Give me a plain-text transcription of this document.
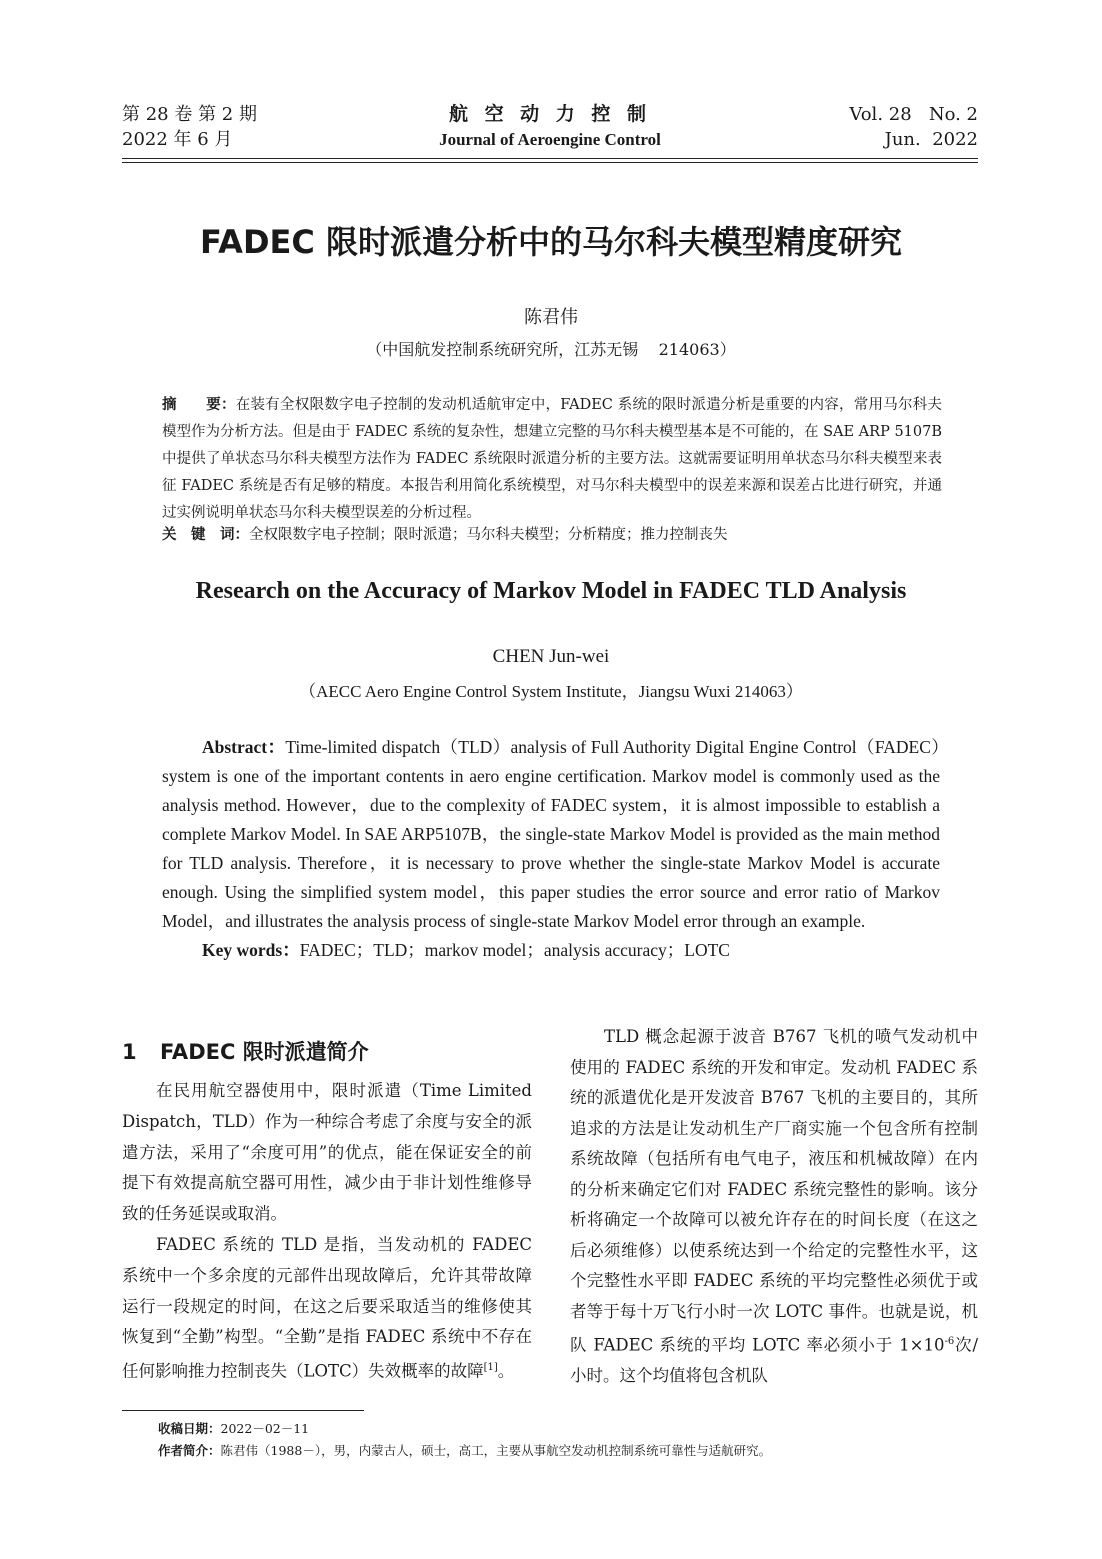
第 28 卷 第 2 期
2022 年 6 月
航 空 动 力 控 制
Journal of Aeroengine Control
Vol. 28   No. 2
Jun.  2022
FADEC 限时派遣分析中的马尔科夫模型精度研究
陈君伟
（中国航发控制系统研究所，江苏无锡    214063）
摘　　要：在装有全权限数字电子控制的发动机适航审定中，FADEC 系统的限时派遣分析是重要的内容，常用马尔科夫模型作为分析方法。但是由于 FADEC 系统的复杂性，想建立完整的马尔科夫模型基本是不可能的，在 SAE ARP 5107B 中提供了单状态马尔科夫模型方法作为 FADEC 系统限时派遣分析的主要方法。这就需要证明用单状态马尔科夫模型来表征 FADEC 系统是否有足够的精度。本报告利用简化系统模型，对马尔科夫模型中的误差来源和误差占比进行研究，并通过实例说明单状态马尔科夫模型误差的分析过程。
关　键　词：全权限数字电子控制；限时派遣；马尔科夫模型；分析精度；推力控制丧失
Research on the Accuracy of Markov Model in FADEC TLD Analysis
CHEN Jun-wei
（AECC Aero Engine Control System Institute，Jiangsu Wuxi 214063）

Abstract：Time-limited dispatch（TLD）analysis of Full Authority Digital Engine Control（FADEC）system is one of the important contents in aero engine certification. Markov model is commonly used as the analysis method. However，due to the complexity of FADEC system，it is almost impossible to establish a complete Markov Model. In SAE ARP5107B，the single-state Markov Model is provided as the main method for TLD analysis. Therefore，it is necessary to prove whether the single-state Markov Model is accurate enough. Using the simplified system model，this paper studies the error source and error ratio of Markov Model，and illustrates the analysis process of single-state Markov Model error through an example.

Key words：FADEC；TLD；markov model；analysis accuracy；LOTC

1 FADEC 限时派遣简介

在民用航空器使用中，限时派遣（Time Limited Dispatch，TLD）作为一种综合考虑了余度与安全的派遣方法，采用了“余度可用”的优点，能在保证安全的前提下有效提高航空器可用性，减少由于非计划性维修导致的任务延误或取消。

FADEC 系统的 TLD 是指，当发动机的 FADEC 系统中一个多余度的元部件出现故障后，允许其带故障运行一段规定的时间，在这之后要采取适当的维修使其恢复到“全勤”构型。“全勤”是指 FADEC 系统中不存在任何影响推力控制丧失（LOTC）失效概率的故障[1]。

TLD 概念起源于波音 B767 飞机的喷气发动机中使用的 FADEC 系统的开发和审定。发动机 FADEC 系统的派遣优化是开发波音 B767 飞机的主要目的，其所追求的方法是让发动机生产厂商实施一个包含所有控制系统故障（包括所有电气电子，液压和机械故障）在内的分析来确定它们对 FADEC 系统完整性的影响。该分析将确定一个故障可以被允许存在的时间长度（在这之后必须维修）以使系统达到一个给定的完整性水平，这个完整性水平即 FADEC 系统的平均完整性必须优于或者等于每十万飞行小时一次 LOTC 事件。也就是说，机队 FADEC 系统的平均 LOTC 率必须小于 $1\times 10^{-6}$次/小时。这个均值将包含机队

收稿日期：2022－02－11
作者简介：陈君伟（1988－），男，内蒙古人，硕士，高工，主要从事航空发动机控制系统可靠性与适航研究。
